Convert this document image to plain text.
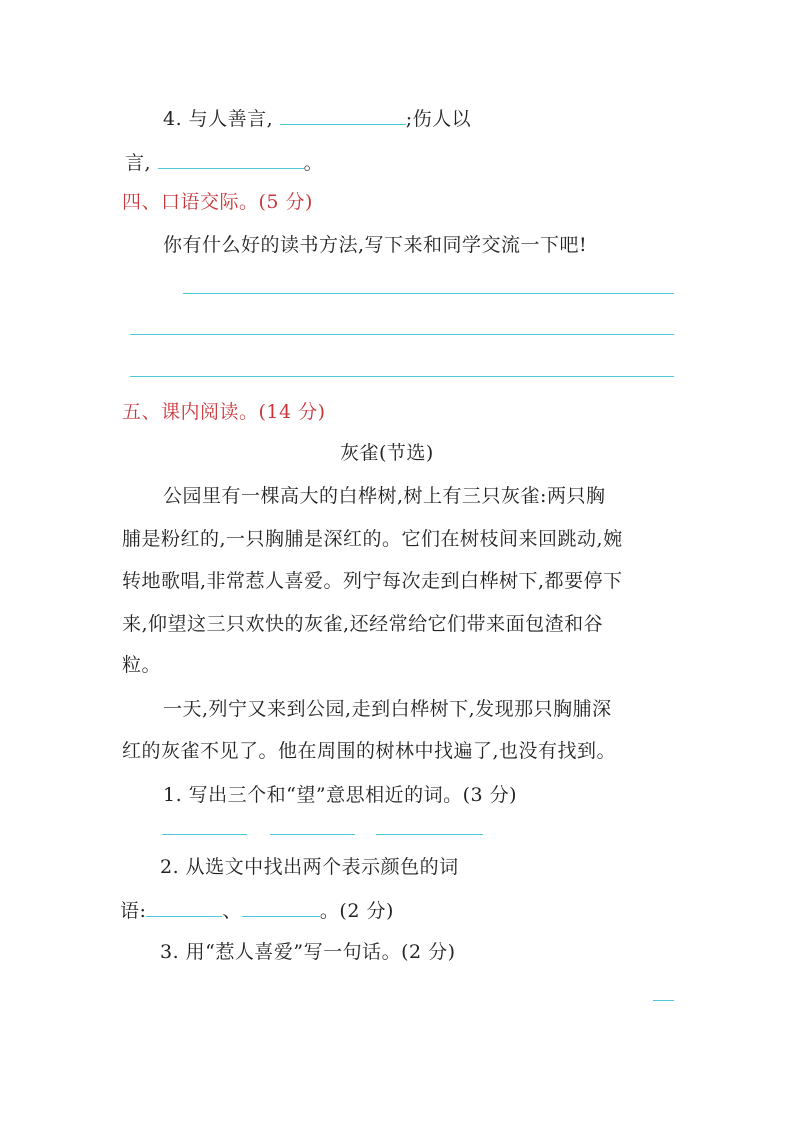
4. 与人善言,	;伤人以
言,	。
四、口语交际。(5 分)
你有什么好的读书方法,写下来和同学交流一下吧!
五、课内阅读。(14 分)
灰雀(节选)
公园里有一棵高大的白桦树,树上有三只灰雀:两只胸
脯是粉红的,一只胸脯是深红的。它们在树枝间来回跳动,婉
转地歌唱,非常惹人喜爱。列宁每次走到白桦树下,都要停下
来,仰望这三只欢快的灰雀,还经常给它们带来面包渣和谷
粒。
一天,列宁又来到公园,走到白桦树下,发现那只胸脯深
红的灰雀不见了。他在周围的树林中找遍了,也没有找到。
1. 写出三个和“望”意思相近的词。(3 分)
2. 从选文中找出两个表示颜色的词
语:	、	。(2 分)
3. 用“惹人喜爱”写一句话。(2 分)
